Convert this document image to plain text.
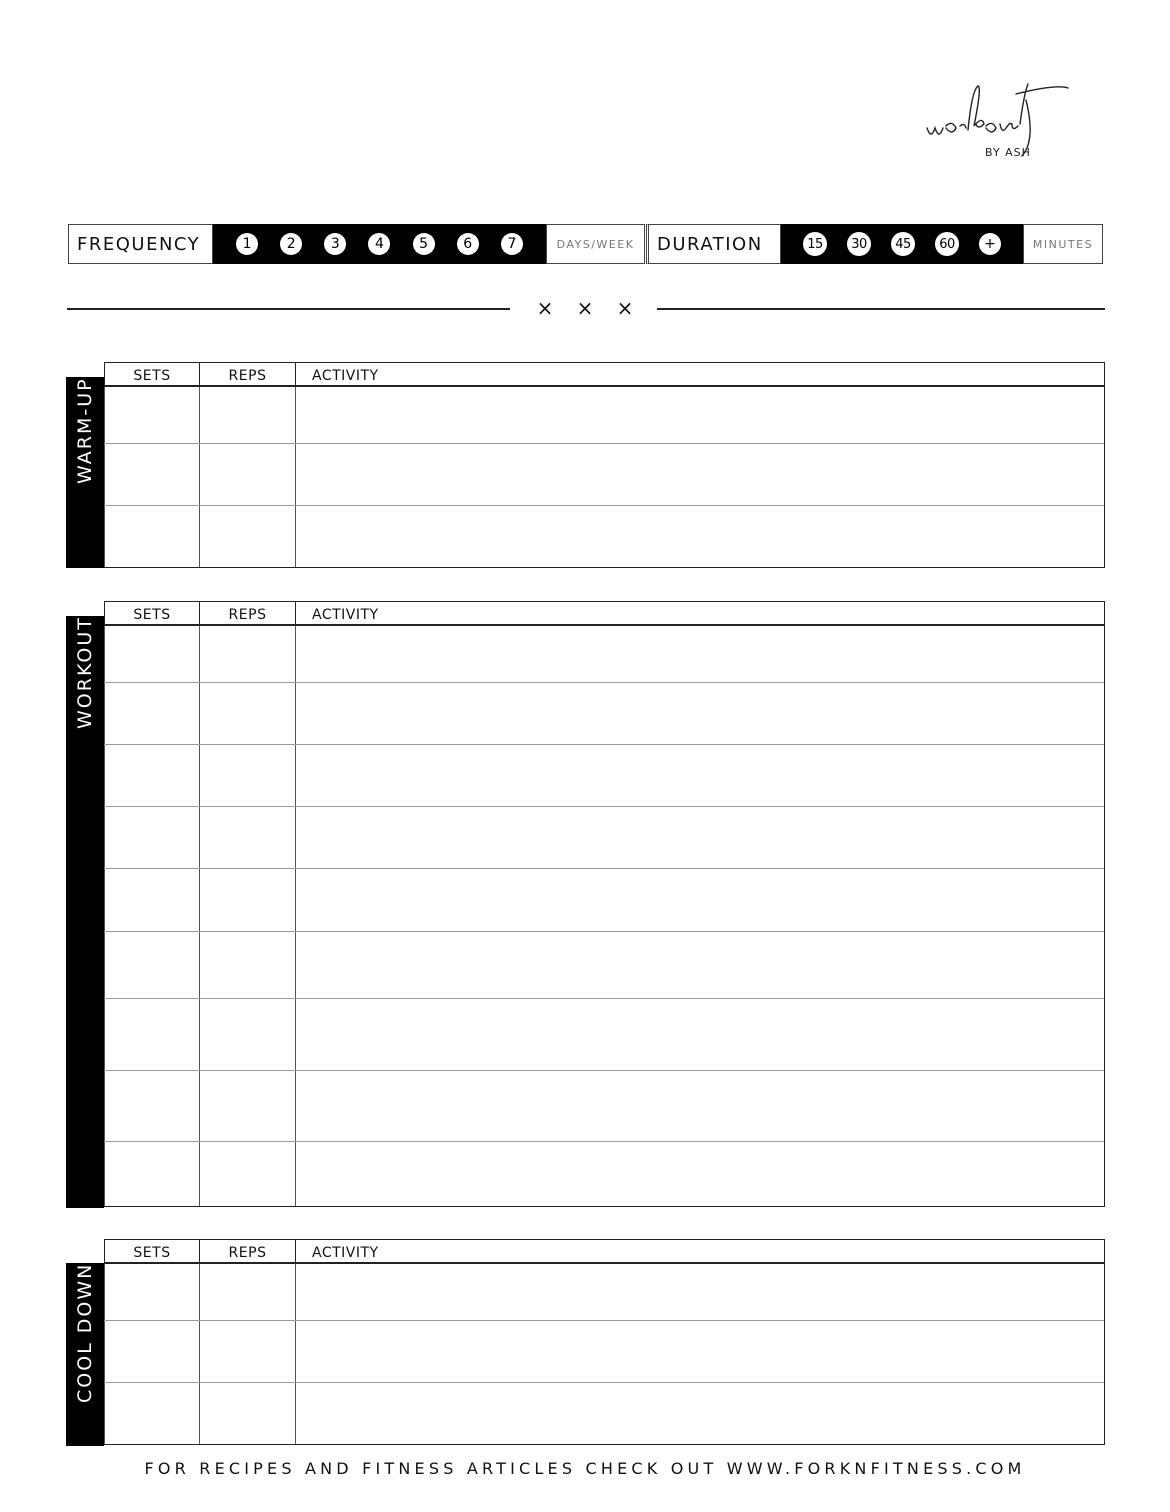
BY ASH
FREQUENCY	1	2	3	4	5	6	7	DAYS/WEEK	DURATION	15	30	45	60	+	MINUTES
×	×	×
WARM-UP
SETS	REPS	ACTIVITY
WORKOUT
SETS	REPS	ACTIVITY
COOL DOWN
SETS	REPS	ACTIVITY
FOR RECIPES AND FITNESS ARTICLES CHECK OUT WWW.FORKNFITNESS.COM
